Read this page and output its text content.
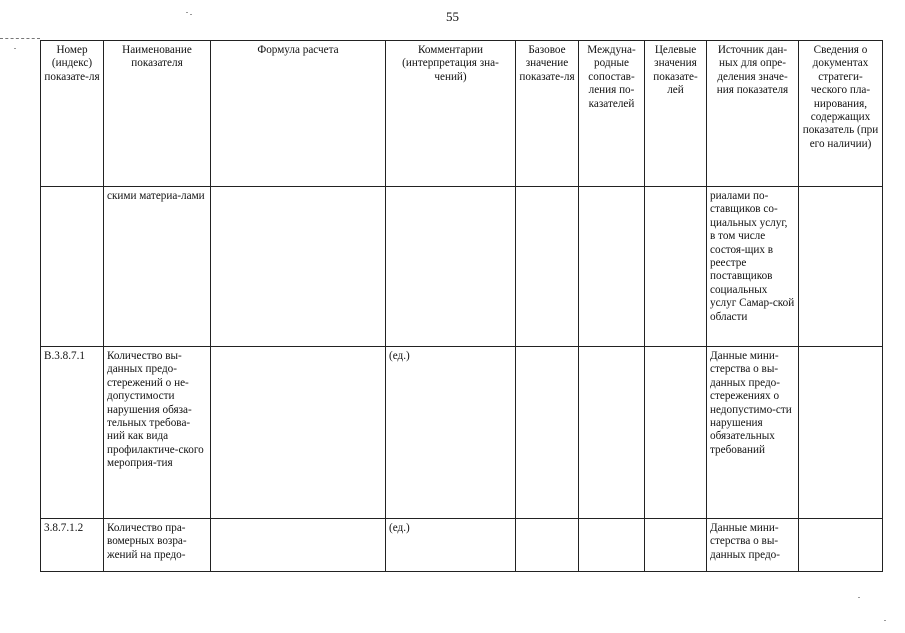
55
Номер (индекс) показате-ля	Наименование показателя	Формула расчета	Комментарии (интерпретация зна-чений)	Базовое значение показате-ля	Междуна-родные сопостав-ления по-казателей	Целевые значения показате-лей	Источник дан-ных для опре-деления значе-ния показателя	Сведения о документах стратеги-ческого пла-нирования, содержащих показатель (при его наличии)
	скими материа-лами						риалами по-ставщиков со-циальных услуг, в том числе состоя-щих в реестре поставщиков социальных услуг Самар-ской области	
В.3.8.7.1	Количество вы-данных предо-стережений о не-допустимости нарушения обяза-тельных требова-ний как вида профилактиче-ского мероприя-тия		(ед.)				Данные мини-стерства о вы-данных предо-стережениях о недопустимо-сти нарушения обязательных требований	
3.8.7.1.2	Количество пра-вомерных возра-жений на предо-		(ед.)				Данные мини-стерства о вы-данных предо-	
